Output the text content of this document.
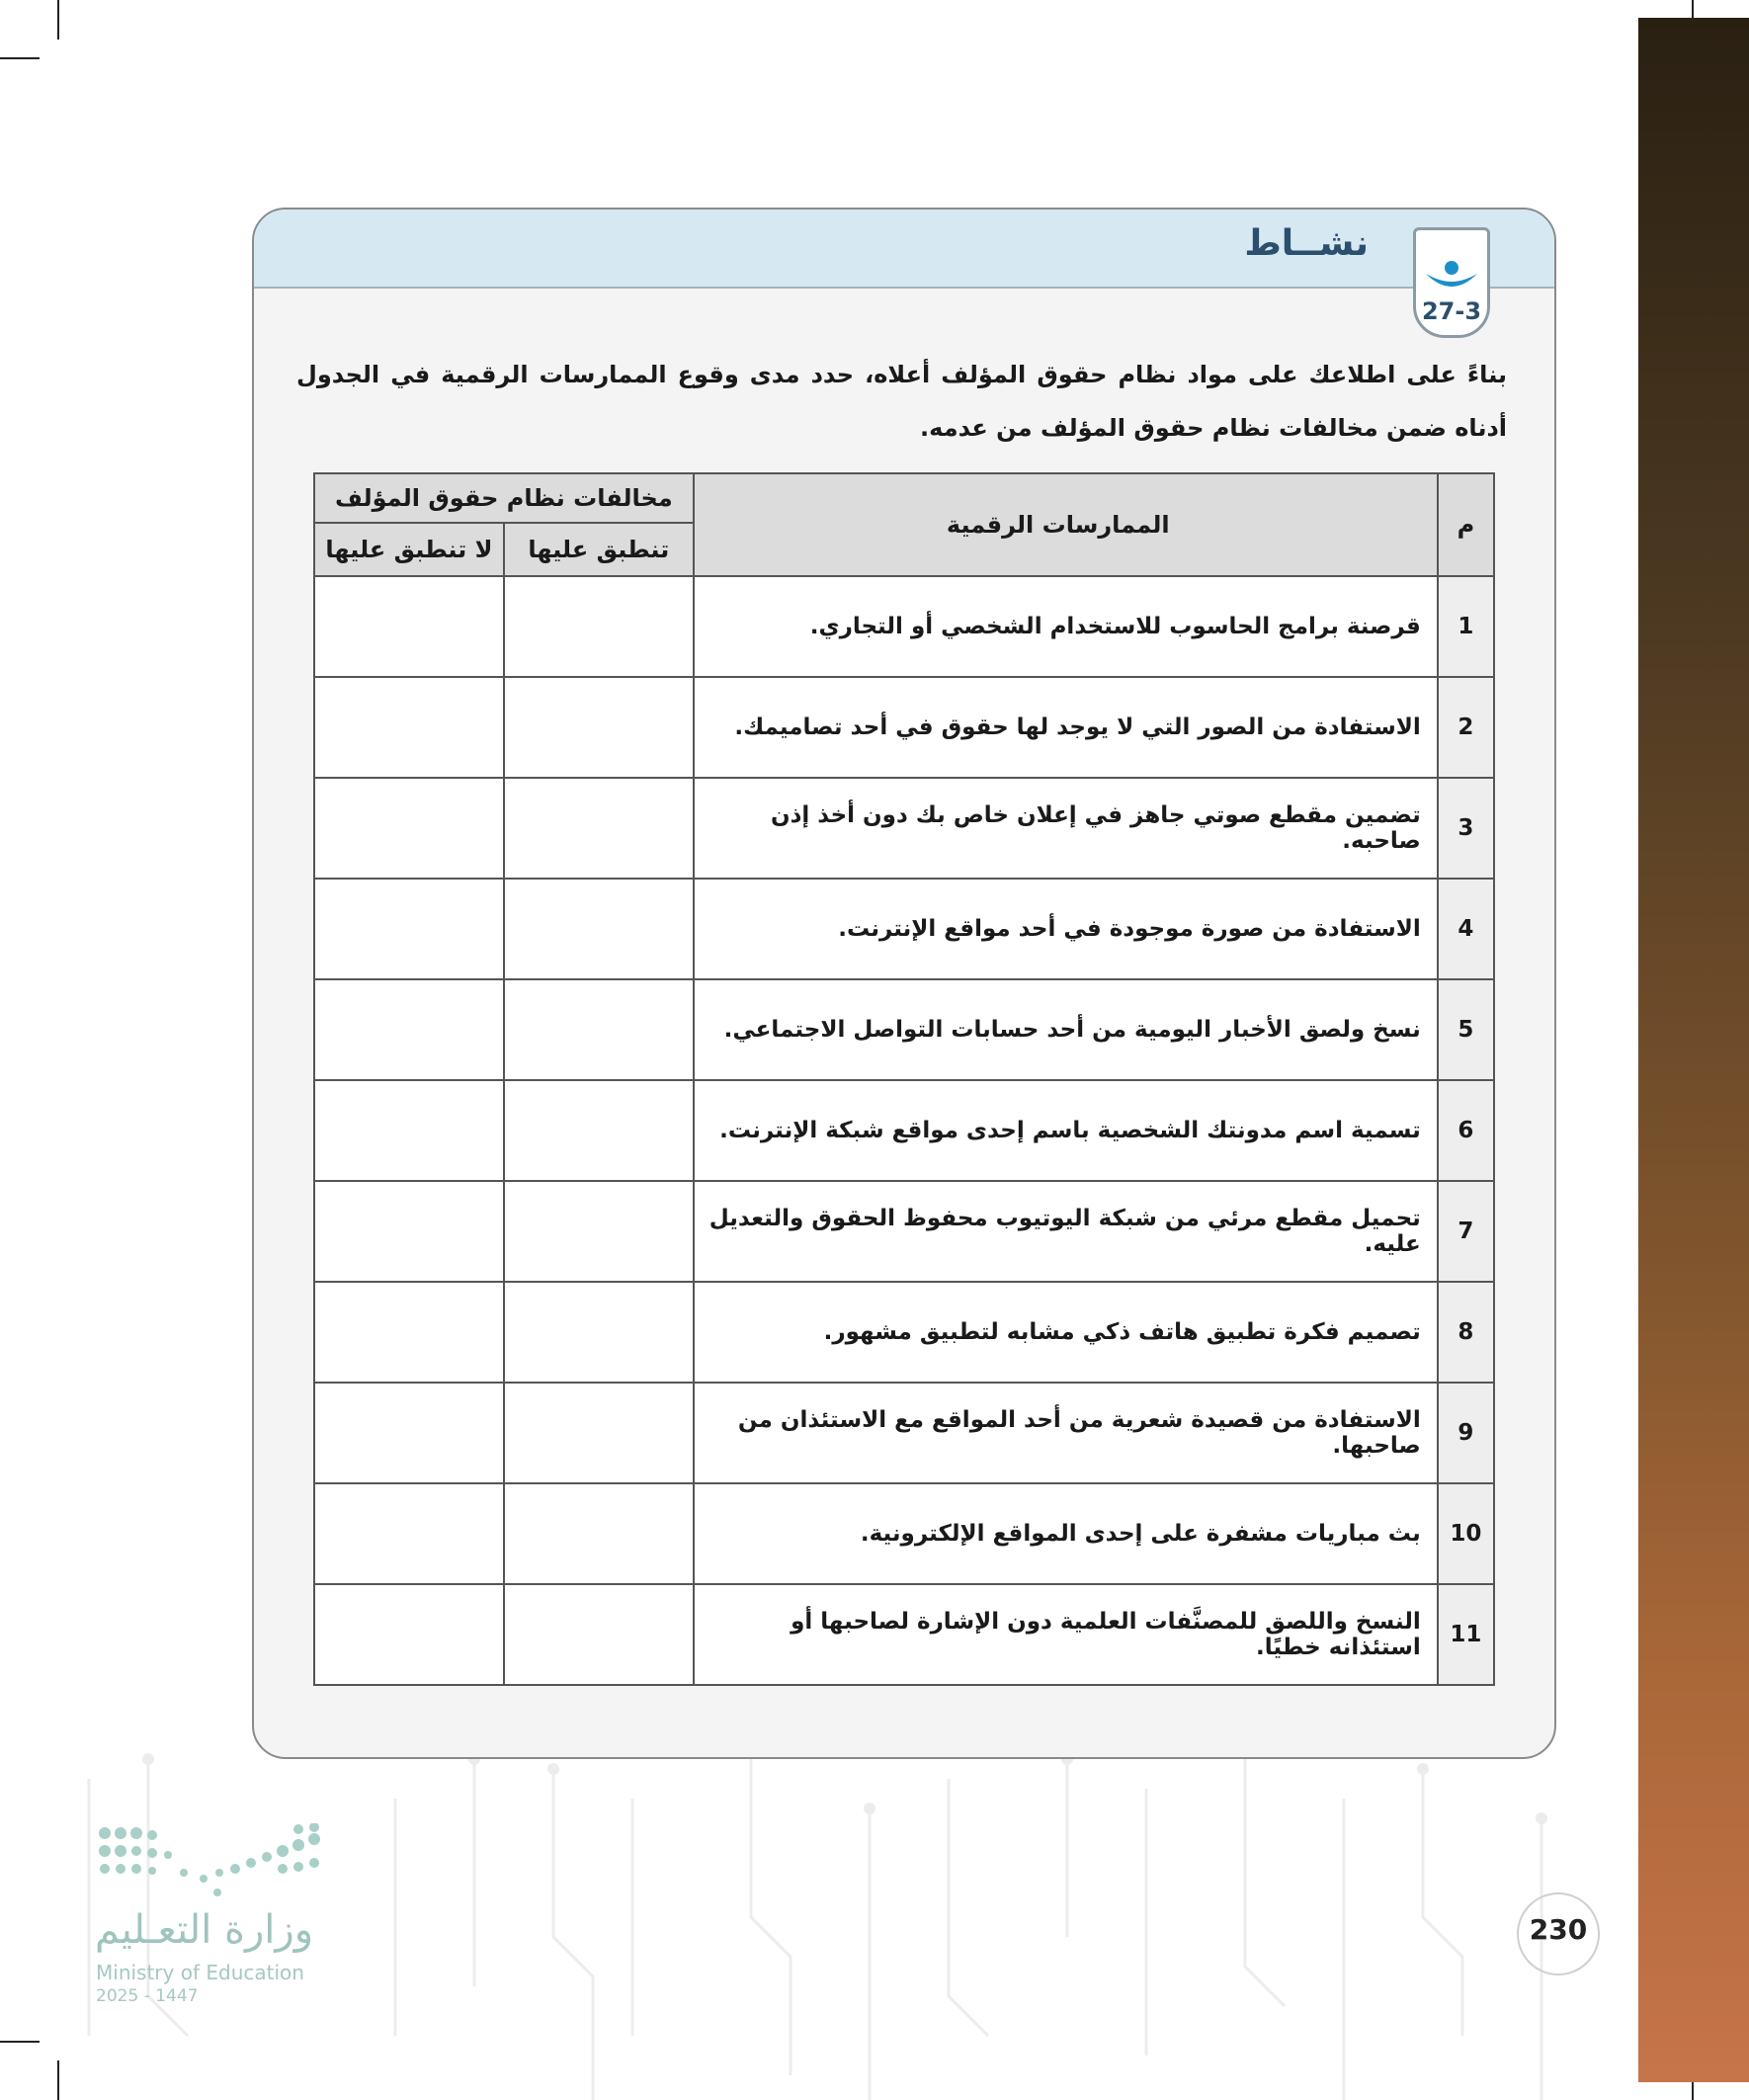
نشــاط
27-3
بناءً على اطلاعك على مواد نظام حقوق المؤلف أعلاه، حدد مدى وقوع الممارسات الرقمية في الجدول أدناه ضمن مخالفات نظام حقوق المؤلف من عدمه.
م	الممارسات الرقمية	مخالفات نظام حقوق المؤلف	
		تنطبق عليها	لا تنطبق عليها
1	قرصنة برامج الحاسوب للاستخدام الشخصي أو التجاري.		
2	الاستفادة من الصور التي لا يوجد لها حقوق في أحد تصاميمك.		
3	تضمين مقطع صوتي جاهز في إعلان خاص بك دون أخذ إذن صاحبه.		
4	الاستفادة من صورة موجودة في أحد مواقع الإنترنت.		
5	نسخ ولصق الأخبار اليومية من أحد حسابات التواصل الاجتماعي.		
6	تسمية اسم مدونتك الشخصية باسم إحدى مواقع شبكة الإنترنت.		
7	تحميل مقطع مرئي من شبكة اليوتيوب محفوظ الحقوق والتعديل عليه.		
8	تصميم فكرة تطبيق هاتف ذكي مشابه لتطبيق مشهور.		
9	الاستفادة من قصيدة شعرية من أحد المواقع مع الاستئذان من صاحبها.		
10	بث مباريات مشفرة على إحدى المواقع الإلكترونية.		
11	النسخ واللصق للمصنَّفات العلمية دون الإشارة لصاحبها أو استئذانه خطيًا.		
وزارة التعـليم
Ministry of Education
2025 - 1447
230
